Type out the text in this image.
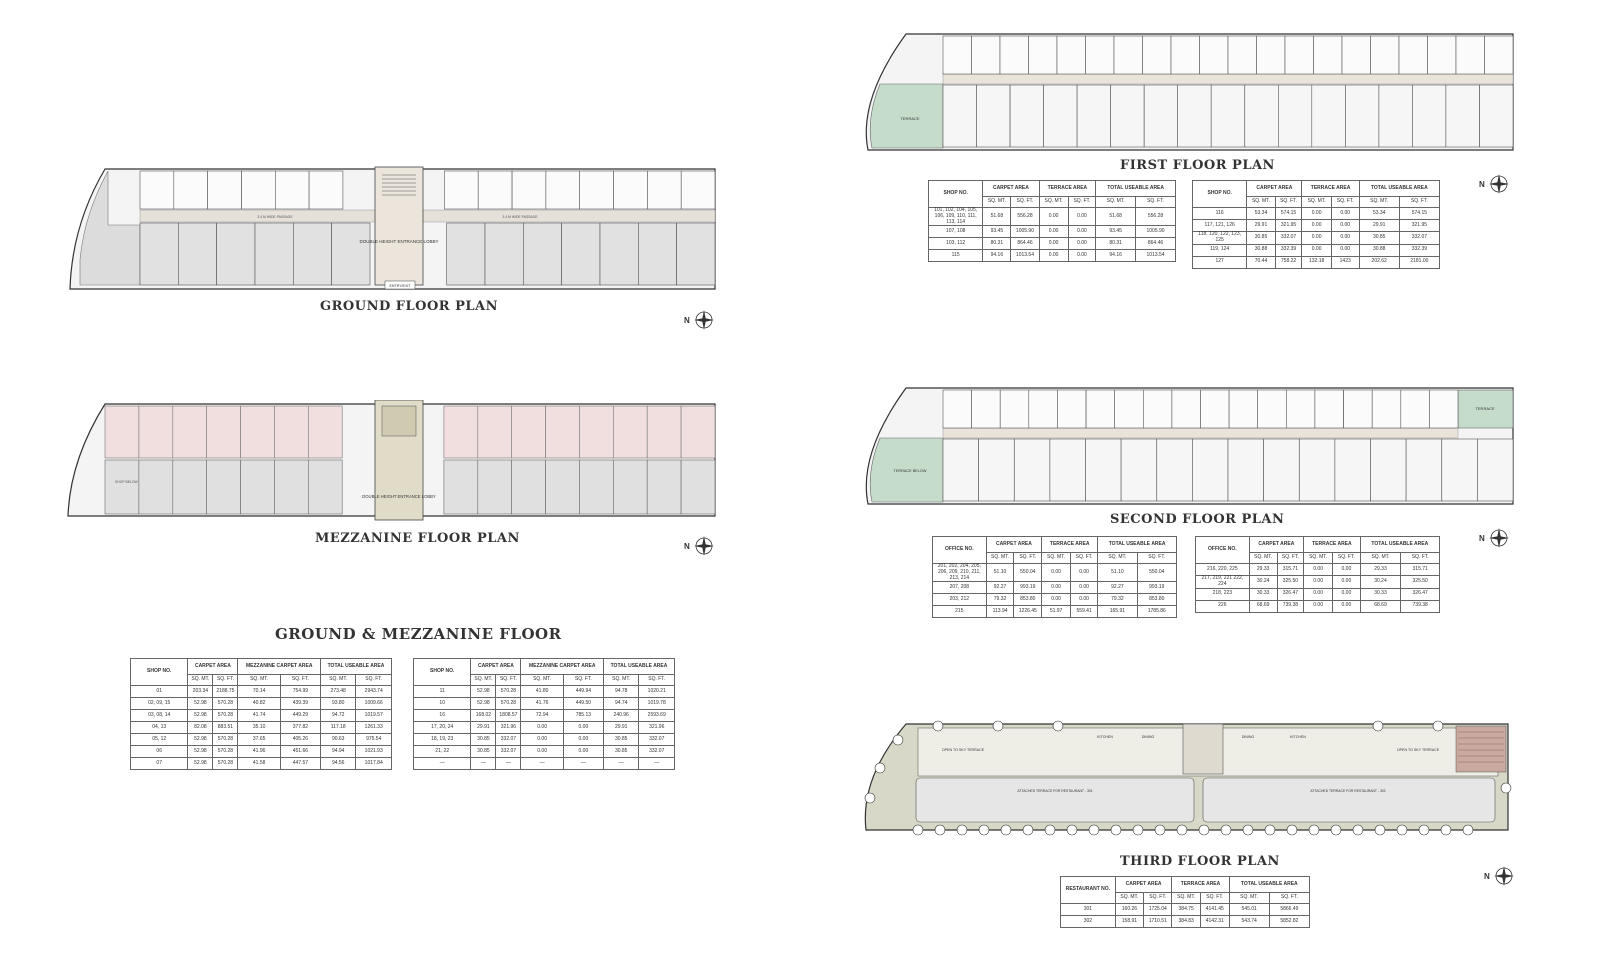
DOUBLE HEIGHT ENTRANCE LOBBY
ENTRY/EXIT
3.4 M WIDE PASSAGE	3.4 M WIDE PASSAGE
GROUND FLOOR PLAN
DOUBLE HEIGHT ENTRANCE LOBBY
SHOP BELOW
MEZZANINE FLOOR PLAN
GROUND & MEZZANINE FLOOR
SHOP NO.	CARPET AREA		MEZZANINE CARPET AREA		TOTAL USEABLE AREA	
	SQ. MT.	SQ. FT.	SQ. MT.	SQ. FT.	SQ. MT.	SQ. FT.
01	203.34	2188.75	70.14	754.99	273.48	2943.74
02, 09, 15	52.98	570.28	40.82	439.39	93.80	1009.66
03, 08, 14	52.98	570.28	41.74	449.29	94.72	1019.57
04, 13	82.08	883.51	35.10	377.82	117.18	1261.33
05, 12	52.98	570.28	37.65	405.26	90.63	975.54
06	52.98	570.28	41.96	451.66	94.94	1021.93
07	52.98	570.28	41.58	447.57	94.56	1017.84
SHOP NO.	CARPET AREA		MEZZANINE CARPET AREA		TOTAL USEABLE AREA	
	SQ. MT.	SQ. FT.	SQ. MT.	SQ. FT.	SQ. MT.	SQ. FT.
11	52.98	570.28	41.80	449.94	94.78	1020.21
10	52.98	570.28	41.76	449.50	94.74	1019.78
16	168.02	1808.57	72.94	785.13	240.96	2593.69
17, 20, 24	29.91	321.96	0.00	0.00	29.91	321.96
18, 19, 23	30.85	332.07	0.00	0.00	30.85	332.07
21, 22	30.85	332.07	0.00	0.00	30.85	332.07
—	—	—	—	—	—	—
TERRACE
FIRST FLOOR PLAN
SHOP NO.	CARPET AREA		TERRACE AREA		TOTAL USEABLE AREA	
	SQ. MT.	SQ. FT.	SQ. MT.	SQ. FT.	SQ. MT.	SQ. FT.
101, 102, 104, 105, 106, 109, 110, 111, 113, 114	51.68	556.28	0.00	0.00	51.68	556.28
107, 108	93.45	1005.90	0.00	0.00	93.45	1005.90
103, 112	80.31	864.46	0.00	0.00	80.31	864.46
115	94.16	1013.54	0.00	0.00	94.16	1013.54
SHOP NO.	CARPET AREA		TERRACE AREA		TOTAL USEABLE AREA	
	SQ. MT.	SQ. FT.	SQ. MT.	SQ. FT.	SQ. MT.	SQ. FT.
116	53.34	574.15	0.00	0.00	53.34	574.15
117, 121, 126	29.91	321.95	0.00	0.00	29.91	321.95
118, 120, 122, 123, 125	30.85	332.07	0.00	0.00	30.85	332.07
119, 124	30.88	332.39	0.00	0.00	30.88	332.39
127	70.44	758.22	132.18	1423	202.62	2181.00
TERRACE BELOW
TERRACE
SECOND FLOOR PLAN
OFFICE NO.	CARPET AREA		TERRACE AREA		TOTAL USEABLE AREA	
	SQ. MT.	SQ. FT.	SQ. MT.	SQ. FT.	SQ. MT.	SQ. FT.
201, 202, 204, 205, 206, 209, 210, 211, 213, 214	51.10	550.04	0.00	0.00	51.10	550.04
207, 208	92.27	993.19	0.00	0.00	92.27	993.19
203, 212	79.32	853.80	0.00	0.00	79.32	853.80
215	113.94	1226.45	51.97	559.41	165.91	1785.86
OFFICE NO.	CARPET AREA		TERRACE AREA		TOTAL USEABLE AREA	
	SQ. MT.	SQ. FT.	SQ. MT.	SQ. FT.	SQ. MT.	SQ. FT.
216, 220, 225	29.33	315.71	0.00	0.00	29.33	315.71
217, 219, 221 222, 224	30.24	325.50	0.00	0.00	30.24	325.50
218, 223	30.33	326.47	0.00	0.00	30.33	326.47
226	68.69	739.38	0.00	0.00	68.69	739.38
OPEN TO SKY TERRACE	OPEN TO SKY TERRACE
KITCHEN	DINING	DINING	KITCHEN
ATTACHED TERRACE FOR RESTAURANT - 301	ATTACHED TERRACE FOR RESTAURANT - 302
THIRD FLOOR PLAN
RESTAURANT NO.	CARPET AREA		TERRACE AREA		TOTAL USEABLE AREA	
	SQ. MT.	SQ. FT.	SQ. MT.	SQ. FT.	SQ. MT.	SQ. FT.
301	160.26	1725.04	384.75	4141.45	545.01	5866.49
302	158.91	1710.51	384.83	4142.31	543.74	5852.82
N
N
N
N
N
